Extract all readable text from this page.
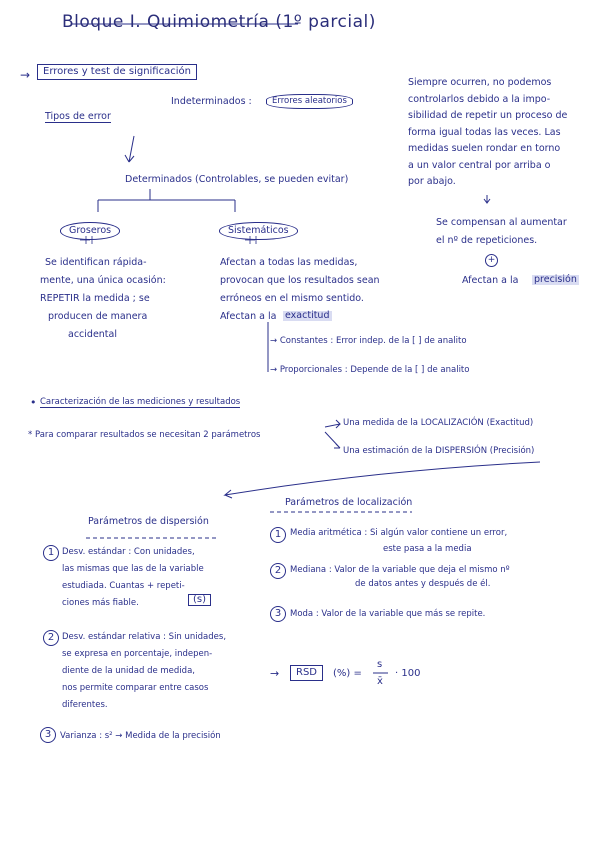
Bloque I. Quimiometría (1º parcial)
→	Errores y test de significación
Tipos de error
Indeterminados :	Errores aleatorios
Siempre ocurren, no podemos
controlarlos debido a la impo-
sibilidad de repetir un proceso de
forma igual todas las veces. Las
medidas suelen rondar en torno
a un valor central por arriba o
por abajo.
Se compensan al aumentar
el nº de repeticiones.
+
Afectan a la precisión
Determinados (Controlables, se pueden evitar)
Groseros	Sistemáticos
Se identifican rápida-
mente, una única ocasión:
REPETIR la medida ; se
producen de manera
accidental
Afectan a todas las medidas,
provocan que los resultados sean
erróneos en el mismo sentido.
Afectan a la exactitud
→ Constantes : Error indep. de la [ ] de analito
→ Proporcionales : Depende de la [ ] de analito
• Caracterización de las mediciones y resultados
* Para comparar resultados se necesitan 2 parámetros
Una medida de la LOCALIZACIÓN (Exactitud)
Una estimación de la DISPERSIÓN (Precisión)
Parámetros de localización
1	Media aritmética : Si algún valor contiene un error,
este pasa a la media
2	Mediana : Valor de la variable que deja el mismo nº
de datos antes y después de él.
3	Moda : Valor de la variable que más se repite.
Parámetros de dispersión
1 Desv. estándar : Con unidades,
las mismas que las de la variable
estudiada. Cuantas + repeti-
ciones más fiable.	(s)
2 Desv. estándar relativa : Sin unidades,
se expresa en porcentaje, indepen-
diente de la unidad de medida,
nos permite comparar entre casos
diferentes.
→	RSD	(%) =
s
x̄
· 100
3	Varianza : s² → Medida de la precisión
